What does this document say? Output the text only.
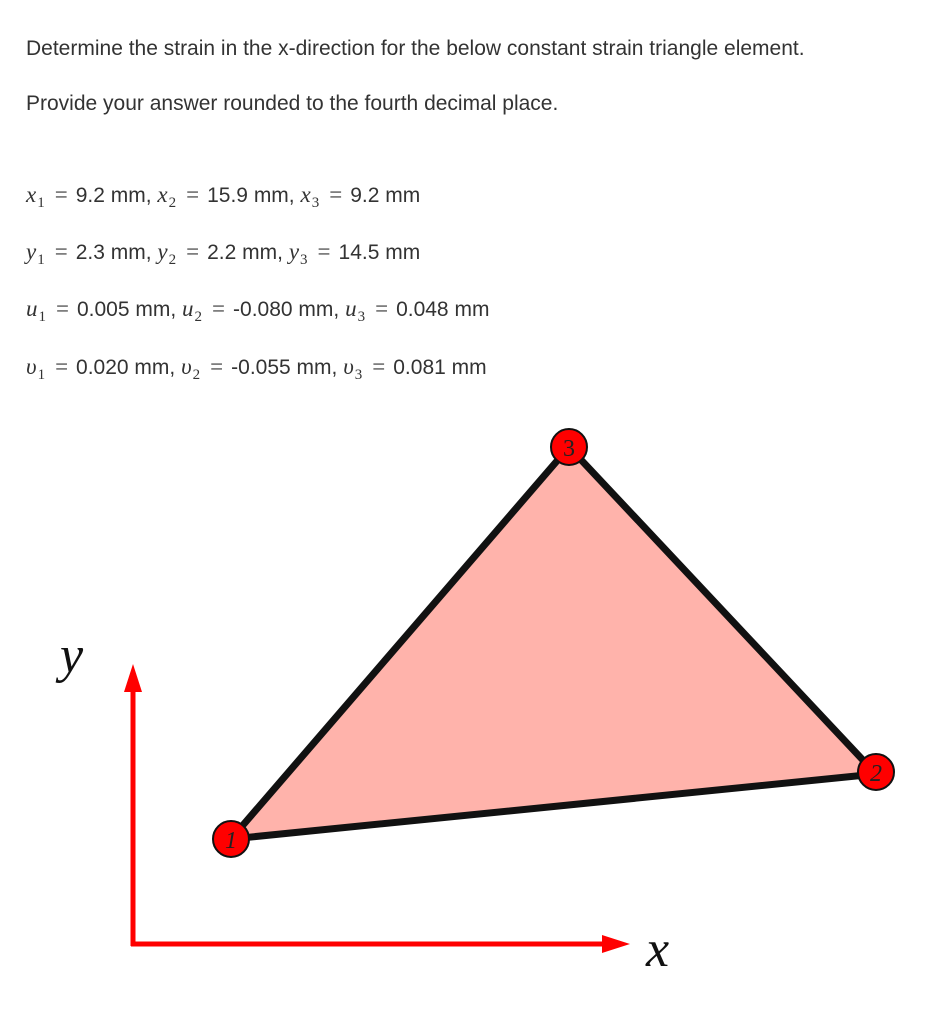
Determine the strain in the x-direction for the below constant strain triangle element.

Provide your answer rounded to the fourth decimal place.

$x_1 = 9.2$ mm, $x_2 = 15.9$ mm, $x_3 = 9.2$ mm
$y_1 = 2.3$ mm, $y_2 = 2.2$ mm, $y_3 = 14.5$ mm
$u_1 = 0.005$ mm, $u_2 = -0.080$ mm, $u_3 = 0.048$ mm
$\upsilon_1 = 0.020$ mm, $\upsilon_2 = -0.055$ mm, $\upsilon_3 = 0.081$ mm
y
x
1
2
3
